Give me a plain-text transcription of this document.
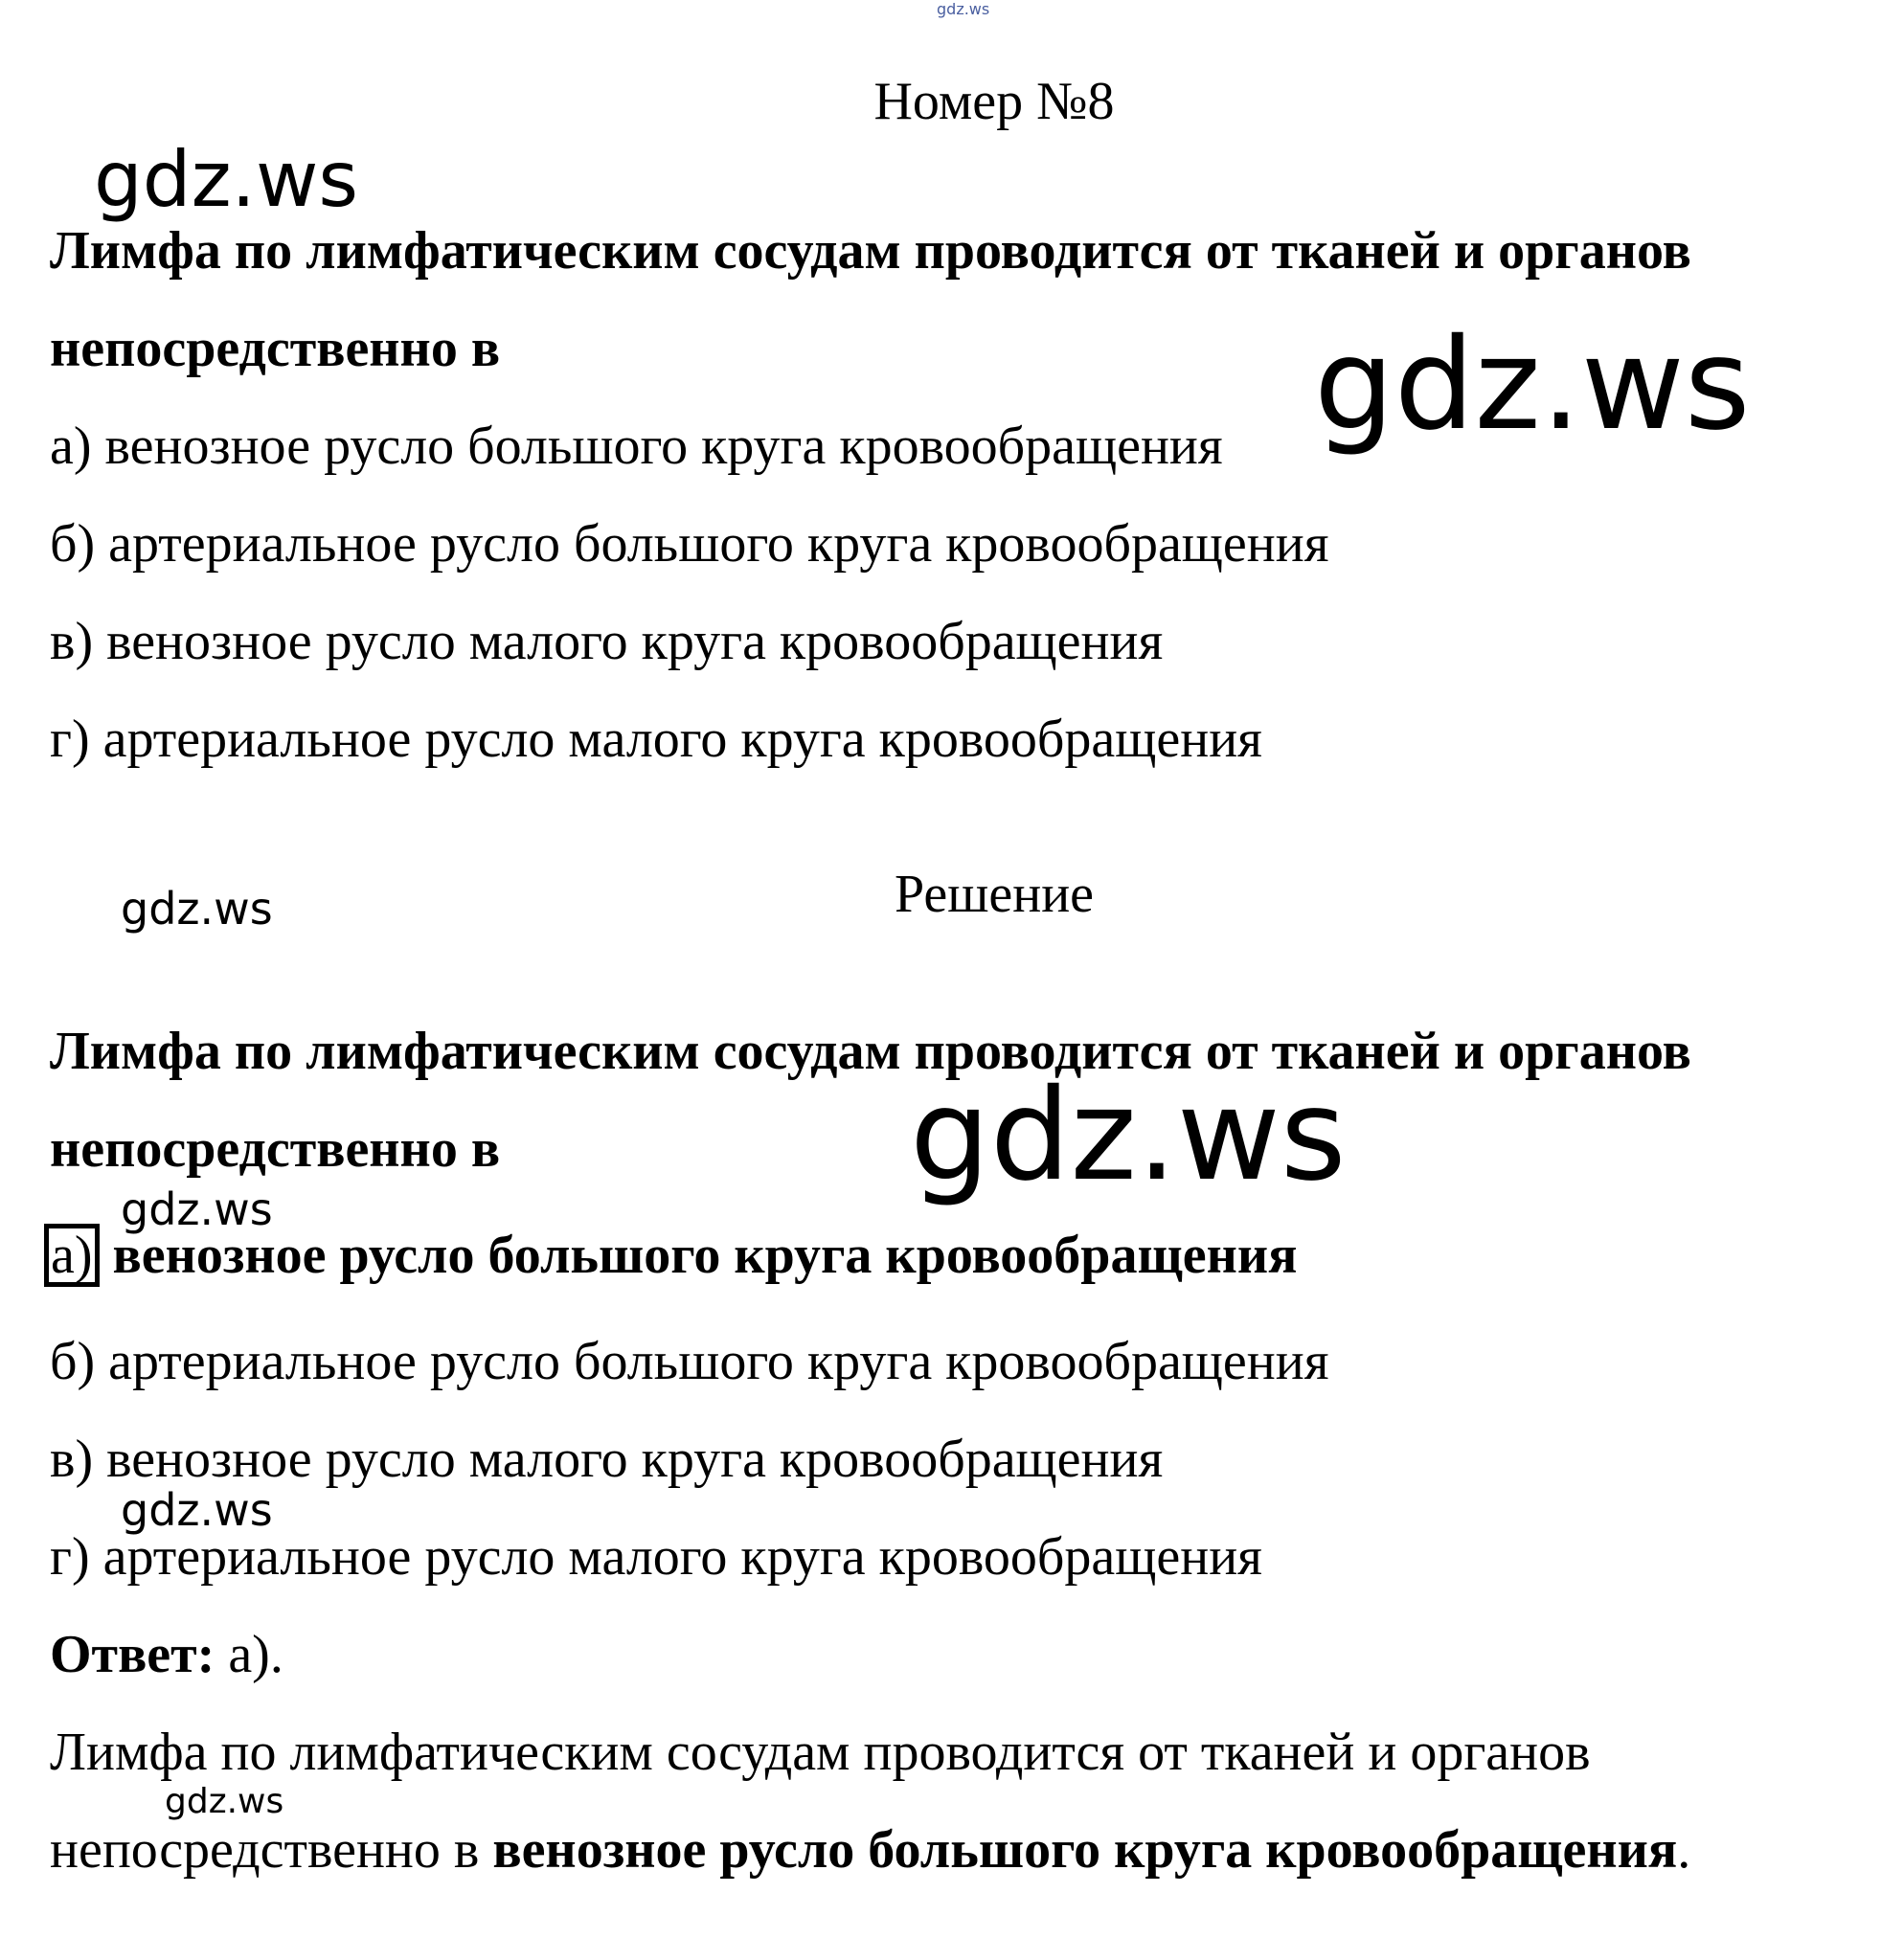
gdz.ws
gdz.ws
gdz.ws
gdz.ws
gdz.ws
gdz.ws
gdz.ws
gdz.ws
Номер №8
Лимфа по лимфатическим сосудам проводится от тканей и органов
непосредственно в
а) венозное русло большого круга кровообращения
б) артериальное русло большого круга кровообращения
в) венозное русло малого круга кровообращения
г) артериальное русло малого круга кровообращения
Решение
Лимфа по лимфатическим сосудам проводится от тканей и органов
непосредственно в
а) венозное русло большого круга кровообращения
б) артериальное русло большого круга кровообращения
в) венозное русло малого круга кровообращения
г) артериальное русло малого круга кровообращения
Ответ: а).
Лимфа по лимфатическим сосудам проводится от тканей и органов
непосредственно в венозное русло большого круга кровообращения.
